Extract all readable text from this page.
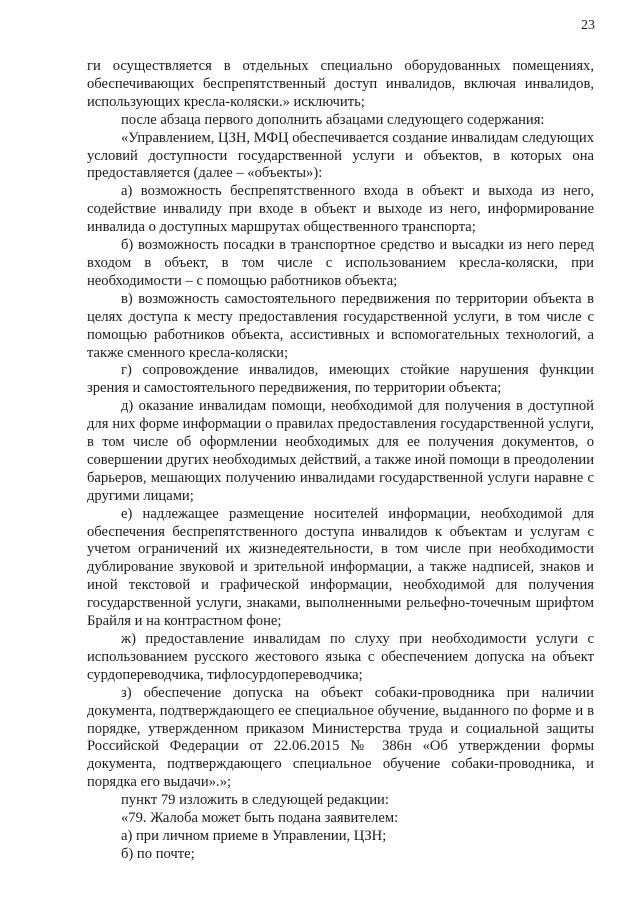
23

ги осуществляется в отдельных специально оборудованных помещениях, обеспечивающих беспрепятственный доступ инвалидов, включая инвалидов, использующих кресла-коляски.» исключить;

после абзаца первого дополнить абзацами следующего содержания:

«Управлением, ЦЗН, МФЦ обеспечивается создание инвалидам следующих условий доступности государственной услуги и объектов, в которых она предоставляется (далее – «объекты»):

а) возможность беспрепятственного входа в объект и выхода из него, содействие инвалиду при входе в объект и выходе из него, информирование инвалида о доступных маршрутах общественного транспорта;

б) возможность посадки в транспортное средство и высадки из него перед входом в объект, в том числе с использованием кресла-коляски, при необходимости – с помощью работников объекта;

в) возможность самостоятельного передвижения по территории объекта в целях доступа к месту предоставления государственной услуги, в том числе с помощью работников объекта, ассистивных и вспомогательных технологий, а также сменного кресла-коляски;

г) сопровождение инвалидов, имеющих стойкие нарушения функции зрения и самостоятельного передвижения, по территории объекта;

д) оказание инвалидам помощи, необходимой для получения в доступной для них форме информации о правилах предоставления государственной услуги, в том числе об оформлении необходимых для ее получения документов, о совершении других необходимых действий, а также иной помощи в преодолении барьеров, мешающих получению инвалидами государственной услуги наравне с другими лицами;

е) надлежащее размещение носителей информации, необходимой для обеспечения беспрепятственного доступа инвалидов к объектам и услугам с учетом ограничений их жизнедеятельности, в том числе при необходимости дублирование звуковой и зрительной информации, а также надписей, знаков и иной текстовой и графической информации, необходимой для получения государственной услуги, знаками, выполненными рельефно-точечным шрифтом Брайля и на контрастном фоне;

ж) предоставление инвалидам по слуху при необходимости услуги с использованием русского жестового языка с обеспечением допуска на объект сурдопереводчика, тифлосурдопереводчика;

з) обеспечение допуска на объект собаки-проводника при наличии документа, подтверждающего ее специальное обучение, выданного по форме и в порядке, утвержденном приказом Министерства труда и социальной защиты Российской Федерации от 22.06.2015 № 386н «Об утверждении формы документа, подтверждающего специальное обучение собаки-проводника, и порядка его выдачи».»;

пункт 79 изложить в следующей редакции:

«79. Жалоба может быть подана заявителем:

а) при личном приеме в Управлении, ЦЗН;

б) по почте;
